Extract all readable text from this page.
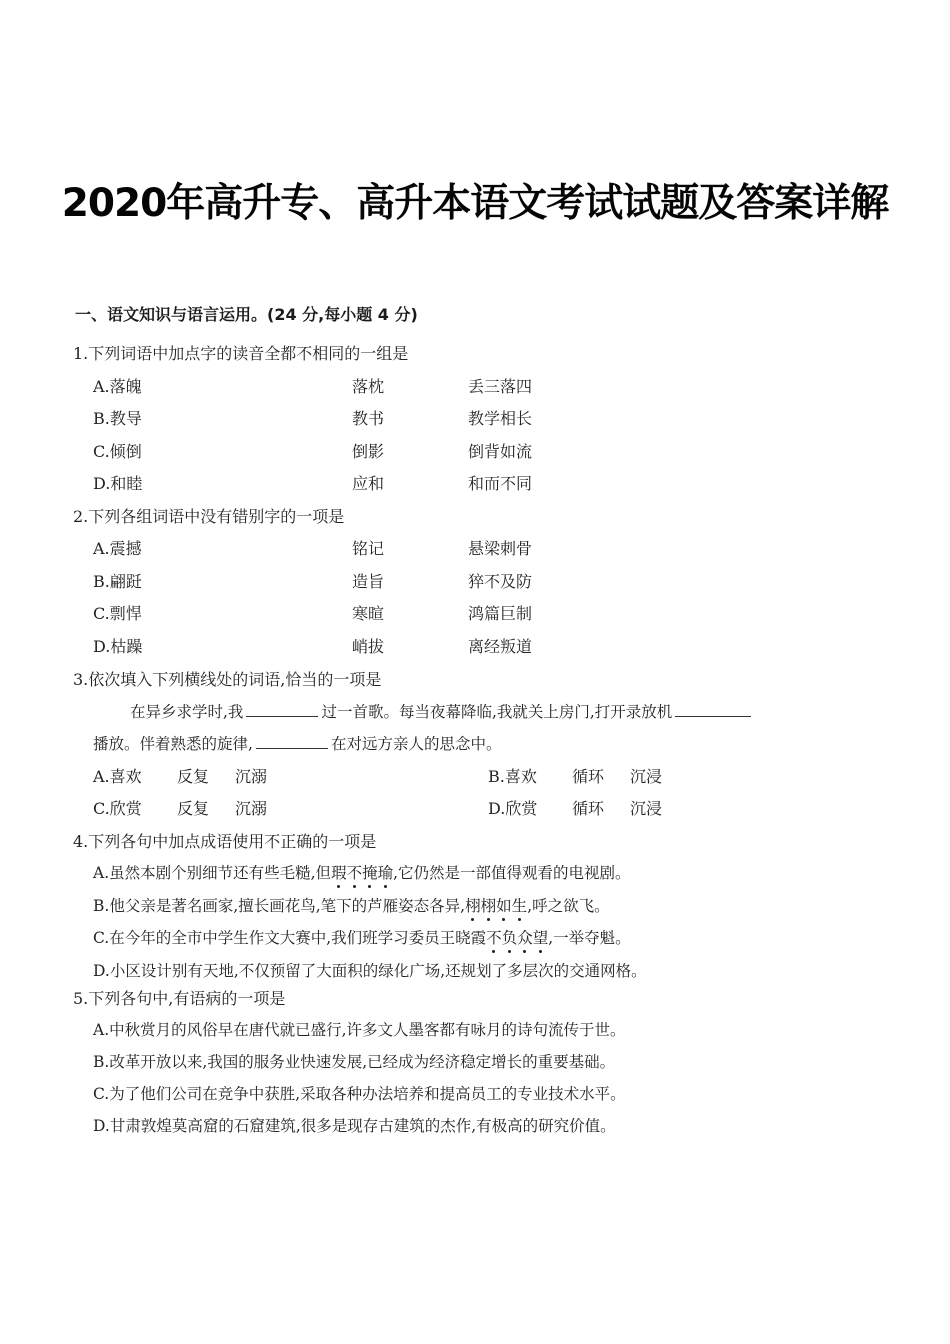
2020年高升专、高升本语文考试试题及答案详解
一、语文知识与语言运用。(24 分,每小题 4 分)
1.下列词语中加点字的读音全都不相同的一组是
A.落魄	落枕	丢三落四
B.教导	教书	教学相长
C.倾倒	倒影	倒背如流
D.和睦	应和	和而不同
2.下列各组词语中没有错别字的一项是
A.震撼	铭记	悬梁刺骨
B.翩跹	造旨	猝不及防
C.剽悍	寒暄	鸿篇巨制
D.枯躁	峭拔	离经叛道
3.依次填入下列横线处的词语,恰当的一项是
在异乡求学时,我	过一首歌。每当夜幕降临,我就关上房门,打开录放机
播放。伴着熟悉的旋律,	在对远方亲人的思念中。
A.喜欢 反复 沉溺	B.喜欢 循环 沉浸
C.欣赏 反复 沉溺	D.欣赏 循环 沉浸
4.下列各句中加点成语使用不正确的一项是
A.虽然本剧个别细节还有些毛糙,但瑕不掩瑜,它仍然是一部值得观看的电视剧。
B.他父亲是著名画家,擅长画花鸟,笔下的芦雁姿态各异,栩栩如生,呼之欲飞。
C.在今年的全市中学生作文大赛中,我们班学习委员王晓霞不负众望,一举夺魁。
D.小区设计别有天地,不仅预留了大面积的绿化广场,还规划了多层次的交通网格。
5.下列各句中,有语病的一项是
A.中秋赏月的风俗早在唐代就已盛行,许多文人墨客都有咏月的诗句流传于世。
B.改革开放以来,我国的服务业快速发展,已经成为经济稳定增长的重要基础。
C.为了他们公司在竞争中获胜,采取各种办法培养和提高员工的专业技术水平。
D.甘肃敦煌莫高窟的石窟建筑,很多是现存古建筑的杰作,有极高的研究价值。
